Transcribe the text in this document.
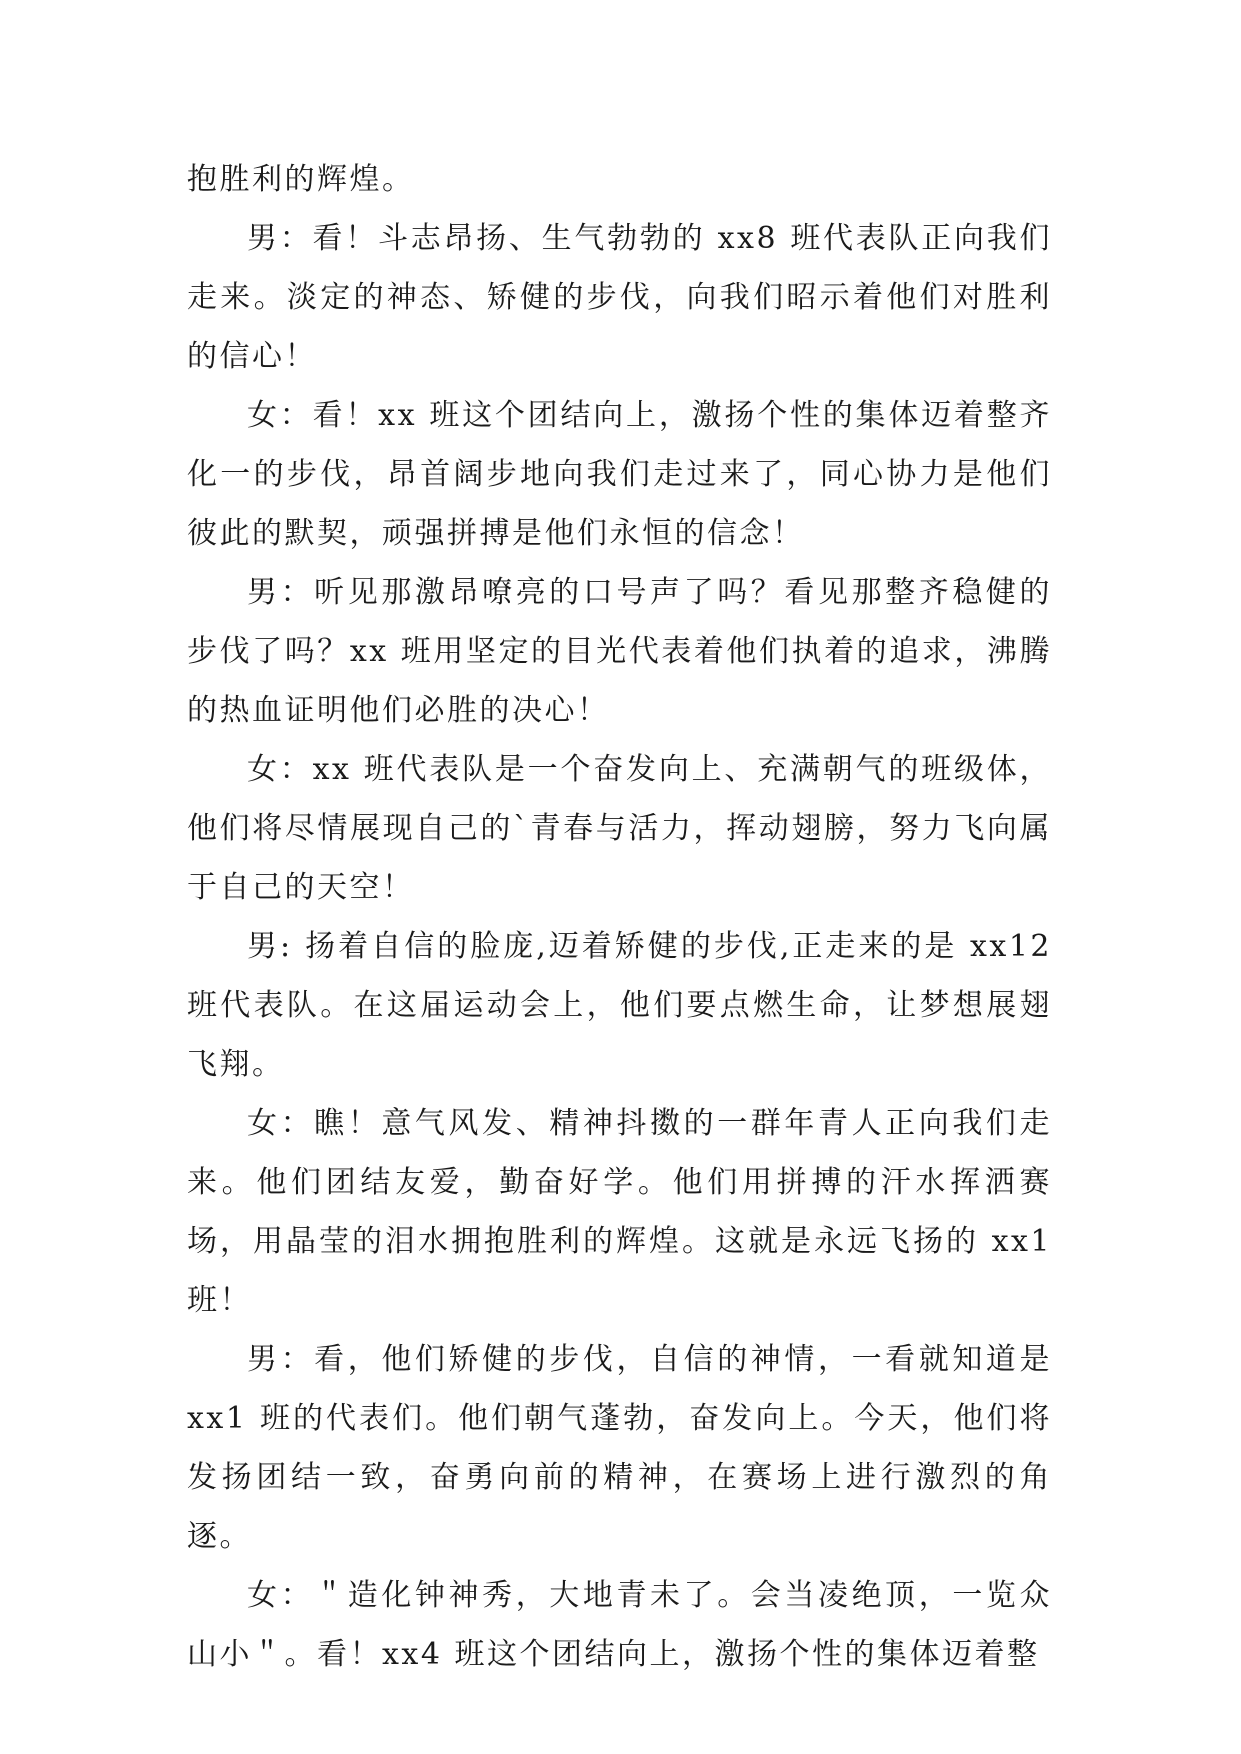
抱胜利的辉煌。

男：看！斗志昂扬、生气勃勃的 xx8 班代表队正向我们走来。淡定的神态、矫健的步伐，向我们昭示着他们对胜利的信心！

女：看！xx 班这个团结向上，激扬个性的集体迈着整齐化一的步伐，昂首阔步地向我们走过来了，同心协力是他们彼此的默契，顽强拼搏是他们永恒的信念！

男：听见那激昂嘹亮的口号声了吗？看见那整齐稳健的步伐了吗？xx 班用坚定的目光代表着他们执着的追求，沸腾的热血证明他们必胜的决心！

女：xx 班代表队是一个奋发向上、充满朝气的班级体，他们将尽情展现自己的`青春与活力，挥动翅膀，努力飞向属于自己的天空！

男: 扬着自信的脸庞,迈着矫健的步伐,正走来的是 xx12 班代表队。在这届运动会上，他们要点燃生命，让梦想展翅飞翔。

女：瞧！意气风发、精神抖擞的一群年青人正向我们走来。他们团结友爱，勤奋好学。他们用拼搏的汗水挥洒赛场，用晶莹的泪水拥抱胜利的辉煌。这就是永远飞扬的 xx1 班！

男：看，他们矫健的步伐，自信的神情，一看就知道是 xx1 班的代表们。他们朝气蓬勃，奋发向上。今天，他们将发扬团结一致，奋勇向前的精神，在赛场上进行激烈的角逐。

女：＂造化钟神秀，大地青未了。会当凌绝顶，一览众山小＂。看！xx4 班这个团结向上，激扬个性的集体迈着整
